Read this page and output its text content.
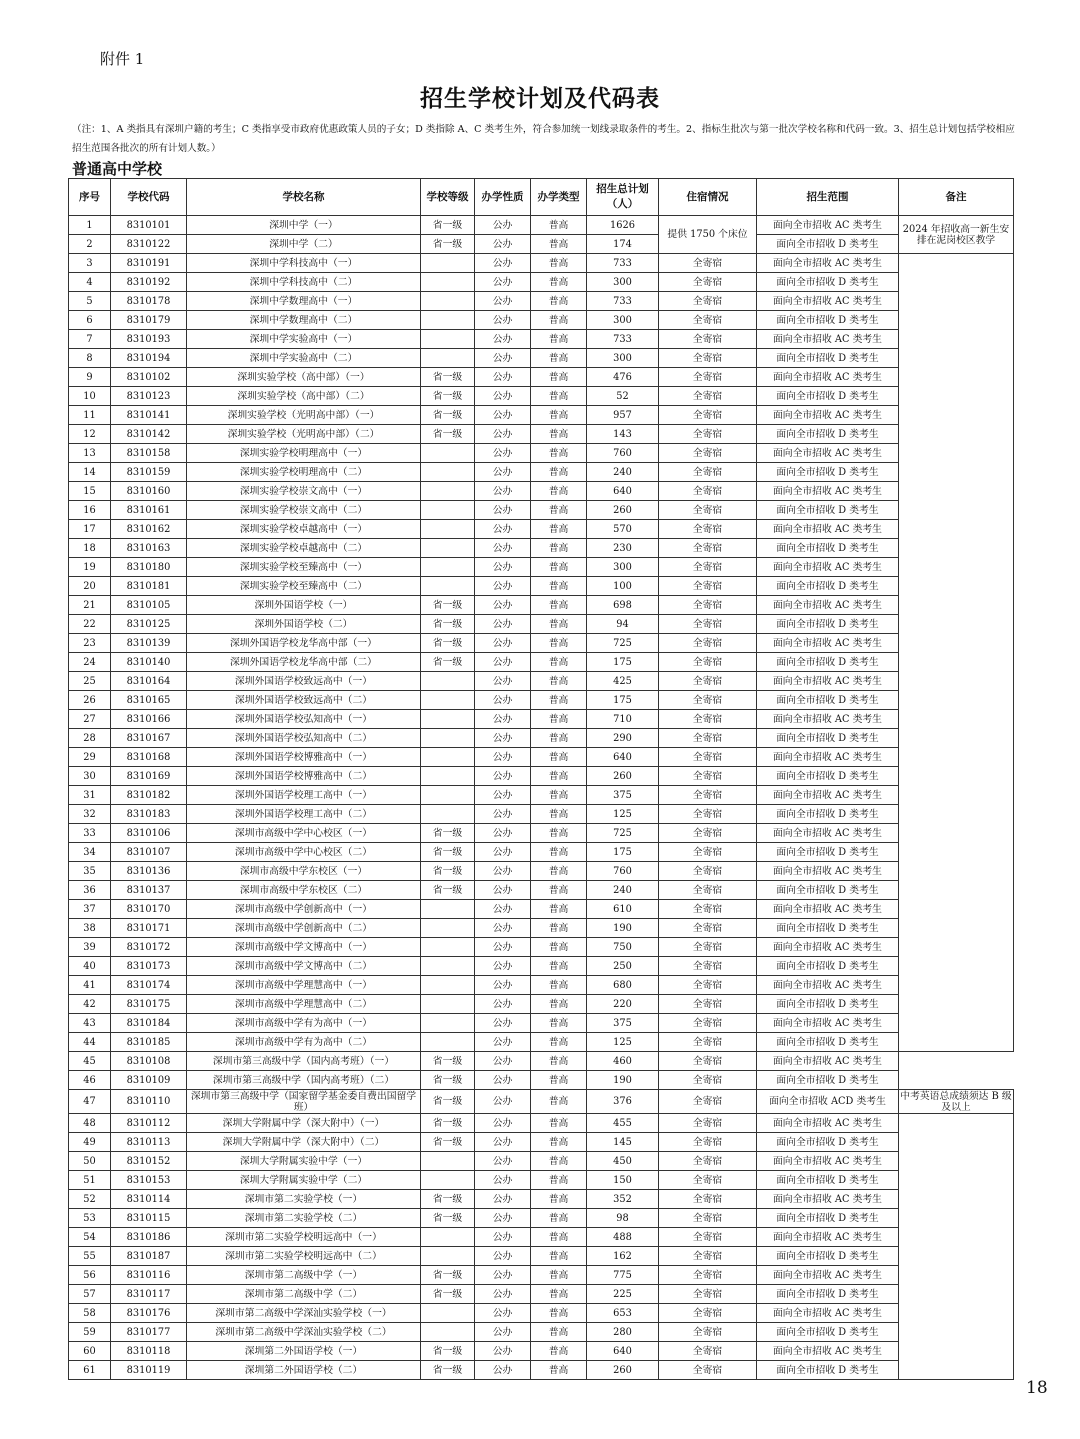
附件 1
招生学校计划及代码表
（注：1、A 类指具有深圳户籍的考生；C 类指享受市政府优惠政策人员的子女；D 类指除 A、C 类考生外，符合参加统一划线录取条件的考生。2、指标生批次与第一批次学校名称和代码一致。3、招生总计划包括学校相应招生范围各批次的所有计划人数。）
普通高中学校
序号	学校代码	学校名称	学校等级	办学性质	办学类型	招生总计划（人）	住宿情况	招生范围	备注
1	8310101	深圳中学（一）	省一级	公办	普高	1626	提供 1750 个床位	面向全市招收 AC 类考生	2024 年招收高一新生安排在泥岗校区教学
2	8310122	深圳中学（二）	省一级	公办	普高	174		面向全市招收 D 类考生	
3	8310191	深圳中学科技高中（一）		公办	普高	733	全寄宿	面向全市招收 AC 类考生	
4	8310192	深圳中学科技高中（二）		公办	普高	300	全寄宿	面向全市招收 D 类考生	
5	8310178	深圳中学数理高中（一）		公办	普高	733	全寄宿	面向全市招收 AC 类考生	
6	8310179	深圳中学数理高中（二）		公办	普高	300	全寄宿	面向全市招收 D 类考生	
7	8310193	深圳中学实验高中（一）		公办	普高	733	全寄宿	面向全市招收 AC 类考生	
8	8310194	深圳中学实验高中（二）		公办	普高	300	全寄宿	面向全市招收 D 类考生	
9	8310102	深圳实验学校（高中部）（一）	省一级	公办	普高	476	全寄宿	面向全市招收 AC 类考生	
10	8310123	深圳实验学校（高中部）（二）	省一级	公办	普高	52	全寄宿	面向全市招收 D 类考生	
11	8310141	深圳实验学校（光明高中部）（一）	省一级	公办	普高	957	全寄宿	面向全市招收 AC 类考生	
12	8310142	深圳实验学校（光明高中部）（二）	省一级	公办	普高	143	全寄宿	面向全市招收 D 类考生	
13	8310158	深圳实验学校明理高中（一）		公办	普高	760	全寄宿	面向全市招收 AC 类考生	
14	8310159	深圳实验学校明理高中（二）		公办	普高	240	全寄宿	面向全市招收 D 类考生	
15	8310160	深圳实验学校崇文高中（一）		公办	普高	640	全寄宿	面向全市招收 AC 类考生	
16	8310161	深圳实验学校崇文高中（二）		公办	普高	260	全寄宿	面向全市招收 D 类考生	
17	8310162	深圳实验学校卓越高中（一）		公办	普高	570	全寄宿	面向全市招收 AC 类考生	
18	8310163	深圳实验学校卓越高中（二）		公办	普高	230	全寄宿	面向全市招收 D 类考生	
19	8310180	深圳实验学校至臻高中（一）		公办	普高	300	全寄宿	面向全市招收 AC 类考生	
20	8310181	深圳实验学校至臻高中（二）		公办	普高	100	全寄宿	面向全市招收 D 类考生	
21	8310105	深圳外国语学校（一）	省一级	公办	普高	698	全寄宿	面向全市招收 AC 类考生	
22	8310125	深圳外国语学校（二）	省一级	公办	普高	94	全寄宿	面向全市招收 D 类考生	
23	8310139	深圳外国语学校龙华高中部（一）	省一级	公办	普高	725	全寄宿	面向全市招收 AC 类考生	
24	8310140	深圳外国语学校龙华高中部（二）	省一级	公办	普高	175	全寄宿	面向全市招收 D 类考生	
25	8310164	深圳外国语学校致远高中（一）		公办	普高	425	全寄宿	面向全市招收 AC 类考生	
26	8310165	深圳外国语学校致远高中（二）		公办	普高	175	全寄宿	面向全市招收 D 类考生	
27	8310166	深圳外国语学校弘知高中（一）		公办	普高	710	全寄宿	面向全市招收 AC 类考生	
28	8310167	深圳外国语学校弘知高中（二）		公办	普高	290	全寄宿	面向全市招收 D 类考生	
29	8310168	深圳外国语学校博雅高中（一）		公办	普高	640	全寄宿	面向全市招收 AC 类考生	
30	8310169	深圳外国语学校博雅高中（二）		公办	普高	260	全寄宿	面向全市招收 D 类考生	
31	8310182	深圳外国语学校理工高中（一）		公办	普高	375	全寄宿	面向全市招收 AC 类考生	
32	8310183	深圳外国语学校理工高中（二）		公办	普高	125	全寄宿	面向全市招收 D 类考生	
33	8310106	深圳市高级中学中心校区（一）	省一级	公办	普高	725	全寄宿	面向全市招收 AC 类考生	
34	8310107	深圳市高级中学中心校区（二）	省一级	公办	普高	175	全寄宿	面向全市招收 D 类考生	
35	8310136	深圳市高级中学东校区（一）	省一级	公办	普高	760	全寄宿	面向全市招收 AC 类考生	
36	8310137	深圳市高级中学东校区（二）	省一级	公办	普高	240	全寄宿	面向全市招收 D 类考生	
37	8310170	深圳市高级中学创新高中（一）		公办	普高	610	全寄宿	面向全市招收 AC 类考生	
38	8310171	深圳市高级中学创新高中（二）		公办	普高	190	全寄宿	面向全市招收 D 类考生	
39	8310172	深圳市高级中学文博高中（一）		公办	普高	750	全寄宿	面向全市招收 AC 类考生	
40	8310173	深圳市高级中学文博高中（二）		公办	普高	250	全寄宿	面向全市招收 D 类考生	
41	8310174	深圳市高级中学理慧高中（一）		公办	普高	680	全寄宿	面向全市招收 AC 类考生	
42	8310175	深圳市高级中学理慧高中（二）		公办	普高	220	全寄宿	面向全市招收 D 类考生	
43	8310184	深圳市高级中学有为高中（一）		公办	普高	375	全寄宿	面向全市招收 AC 类考生	
44	8310185	深圳市高级中学有为高中（二）		公办	普高	125	全寄宿	面向全市招收 D 类考生	
45	8310108	深圳市第三高级中学（国内高考班）（一）	省一级	公办	普高	460	全寄宿	面向全市招收 AC 类考生	
46	8310109	深圳市第三高级中学（国内高考班）（二）	省一级	公办	普高	190	全寄宿	面向全市招收 D 类考生	
47	8310110	深圳市第三高级中学（国家留学基金委自费出国留学班）	省一级	公办	普高	376	全寄宿	面向全市招收 ACD 类考生	中考英语总成绩须达 B 级及以上
48	8310112	深圳大学附属中学（深大附中）（一）	省一级	公办	普高	455	全寄宿	面向全市招收 AC 类考生	
49	8310113	深圳大学附属中学（深大附中）（二）	省一级	公办	普高	145	全寄宿	面向全市招收 D 类考生	
50	8310152	深圳大学附属实验中学（一）		公办	普高	450	全寄宿	面向全市招收 AC 类考生	
51	8310153	深圳大学附属实验中学（二）		公办	普高	150	全寄宿	面向全市招收 D 类考生	
52	8310114	深圳市第二实验学校（一）	省一级	公办	普高	352	全寄宿	面向全市招收 AC 类考生	
53	8310115	深圳市第二实验学校（二）	省一级	公办	普高	98	全寄宿	面向全市招收 D 类考生	
54	8310186	深圳市第二实验学校明远高中（一）		公办	普高	488	全寄宿	面向全市招收 AC 类考生	
55	8310187	深圳市第二实验学校明远高中（二）		公办	普高	162	全寄宿	面向全市招收 D 类考生	
56	8310116	深圳市第二高级中学（一）	省一级	公办	普高	775	全寄宿	面向全市招收 AC 类考生	
57	8310117	深圳市第二高级中学（二）	省一级	公办	普高	225	全寄宿	面向全市招收 D 类考生	
58	8310176	深圳市第二高级中学深汕实验学校（一）		公办	普高	653	全寄宿	面向全市招收 AC 类考生	
59	8310177	深圳市第二高级中学深汕实验学校（二）		公办	普高	280	全寄宿	面向全市招收 D 类考生	
60	8310118	深圳第二外国语学校（一）	省一级	公办	普高	640	全寄宿	面向全市招收 AC 类考生	
61	8310119	深圳第二外国语学校（二）	省一级	公办	普高	260	全寄宿	面向全市招收 D 类考生	
18
